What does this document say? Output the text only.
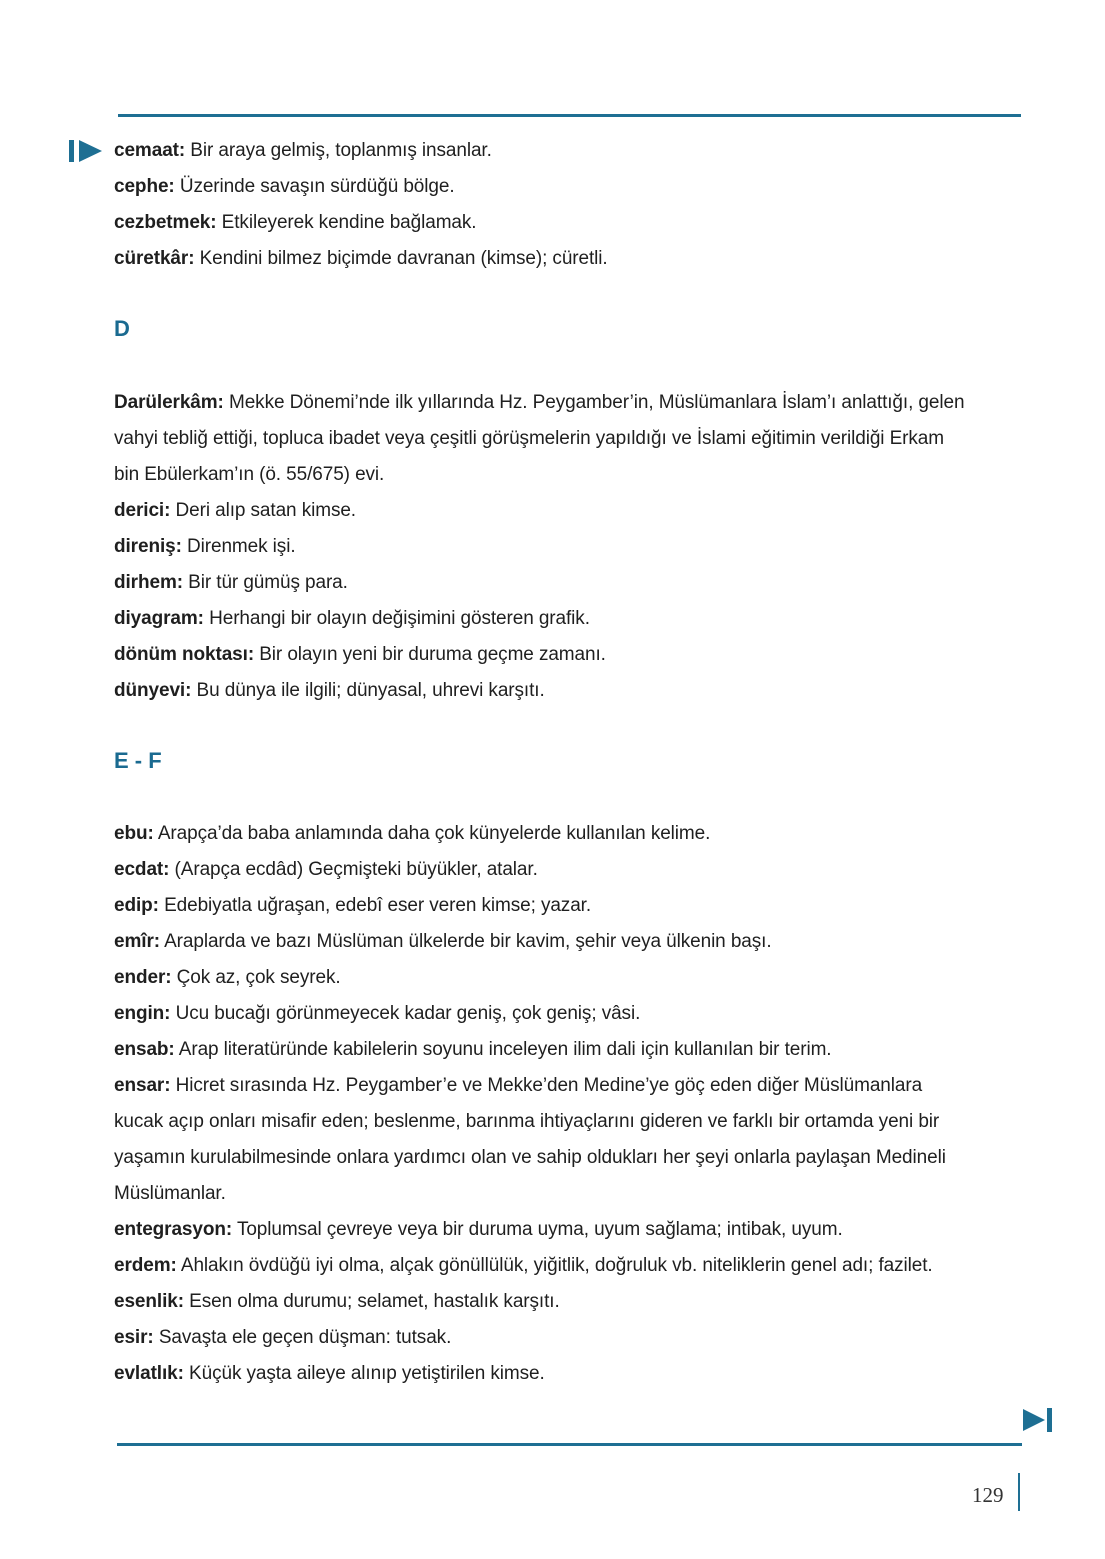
cemaat: Bir araya gelmiş, toplanmış insanlar.
cephe: Üzerinde savaşın sürdüğü bölge.
cezbetmek: Etkileyerek kendine bağlamak.
cüretkâr: Kendini bilmez biçimde davranan (kimse); cüretli.
D
Darülerkâm: Mekke Dönemi’nde ilk yıllarında Hz. Peygamber’in, Müslümanlara İslam’ı anlattığı, gelen
vahyi tebliğ ettiği, topluca ibadet veya çeşitli görüşmelerin yapıldığı ve İslami eğitimin verildiği Erkam
bin Ebülerkam’ın (ö. 55/675) evi.
derici: Deri alıp satan kimse.
direniş: Direnmek işi.
dirhem: Bir tür gümüş para.
diyagram: Herhangi bir olayın değişimini gösteren grafik.
dönüm noktası: Bir olayın yeni bir duruma geçme zamanı.
dünyevi: Bu dünya ile ilgili; dünyasal, uhrevi karşıtı.
E - F
ebu: Arapça’da baba anlamında daha çok künyelerde kullanılan kelime.
ecdat: (Arapça ecdâd) Geçmişteki büyükler, atalar.
edip: Edebiyatla uğraşan, edebî eser veren kimse; yazar.
emîr: Araplarda ve bazı Müslüman ülkelerde bir kavim, şehir veya ülkenin başı.
ender: Çok az, çok seyrek.
engin: Ucu bucağı görünmeyecek kadar geniş, çok geniş; vâsi.
ensab: Arap literatüründe kabilelerin soyunu inceleyen ilim dali için kullanılan bir terim.
ensar: Hicret sırasında Hz. Peygamber’e ve Mekke’den Medine’ye göç eden diğer Müslümanlara
kucak açıp onları misafir eden; beslenme, barınma ihtiyaçlarını gideren ve farklı bir ortamda yeni bir
yaşamın kurulabilmesinde onlara yardımcı olan ve sahip oldukları her şeyi onlarla paylaşan Medineli
Müslümanlar.
entegrasyon: Toplumsal çevreye veya bir duruma uyma, uyum sağlama; intibak, uyum.
erdem: Ahlakın övdüğü iyi olma, alçak gönüllülük, yiğitlik, doğruluk vb. niteliklerin genel adı; fazilet.
esenlik: Esen olma durumu; selamet, hastalık karşıtı.
esir: Savaşta ele geçen düşman: tutsak.
evlatlık: Küçük yaşta aileye alınıp yetiştirilen kimse.
129
